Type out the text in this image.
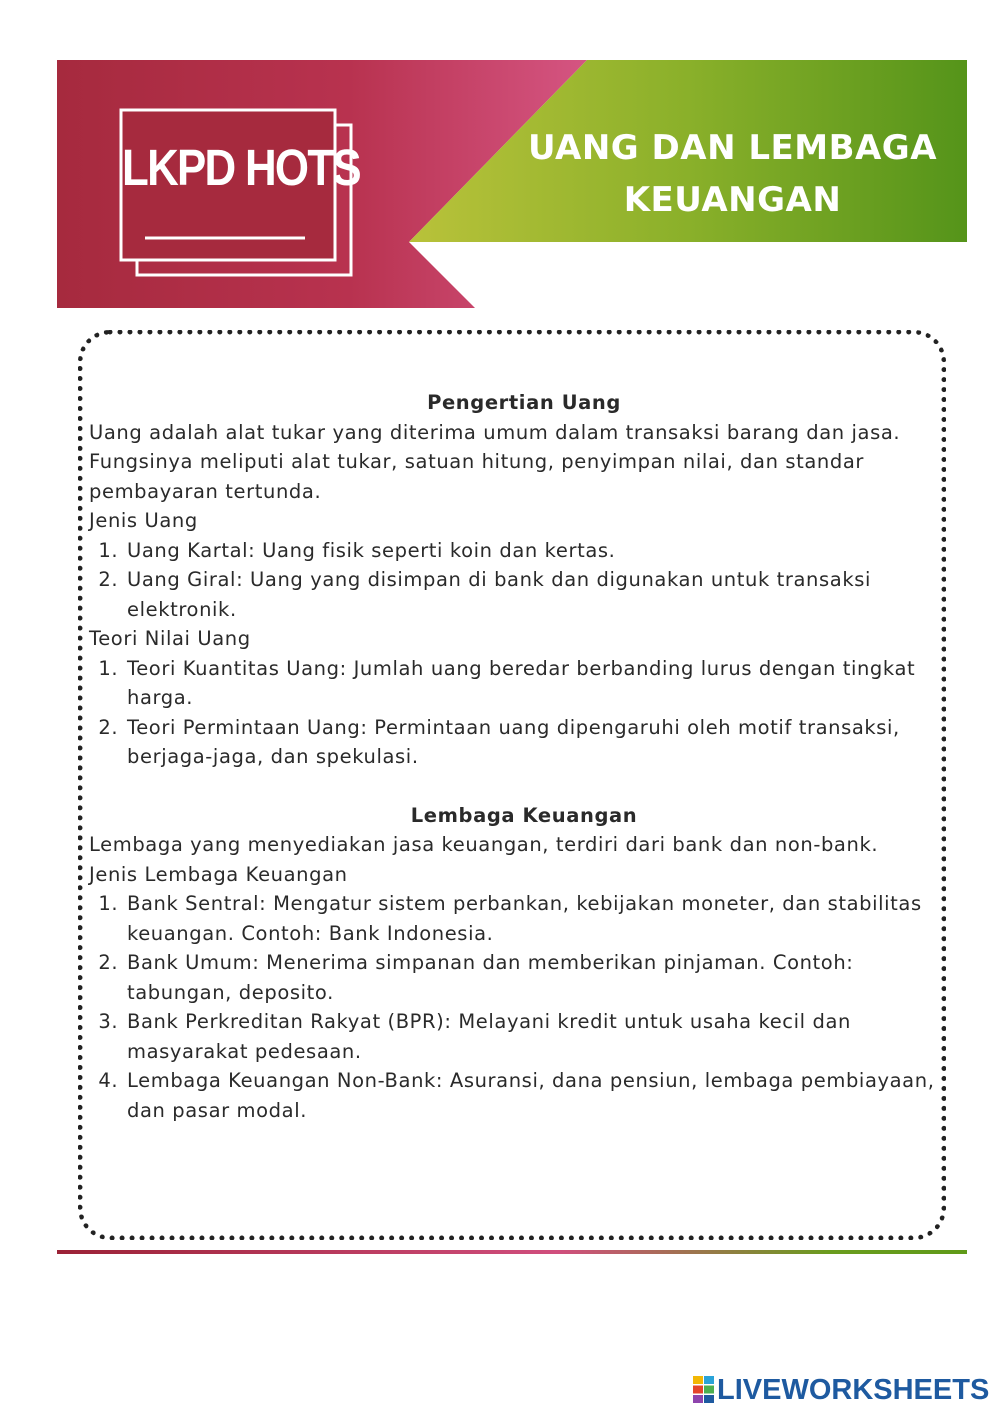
LKPD HOTS	UANG DAN LEMBAGA
KEUANGAN
Pengertian Uang

Uang adalah alat tukar yang diterima umum dalam transaksi barang dan jasa. Fungsinya meliputi alat tukar, satuan hitung, penyimpan nilai, dan standar pembayaran tertunda.

Jenis Uang

1. Uang Kartal: Uang fisik seperti koin dan kertas.
2. Uang Giral: Uang yang disimpan di bank dan digunakan untuk transaksi elektronik.

Teori Nilai Uang

1. Teori Kuantitas Uang: Jumlah uang beredar berbanding lurus dengan tingkat harga.
2. Teori Permintaan Uang: Permintaan uang dipengaruhi oleh motif transaksi, berjaga-jaga, dan spekulasi.
Lembaga Keuangan

Lembaga yang menyediakan jasa keuangan, terdiri dari bank dan non-bank.

Jenis Lembaga Keuangan

1. Bank Sentral: Mengatur sistem perbankan, kebijakan moneter, dan stabilitas keuangan. Contoh: Bank Indonesia.
2. Bank Umum: Menerima simpanan dan memberikan pinjaman. Contoh: tabungan, deposito.
3. Bank Perkreditan Rakyat (BPR): Melayani kredit untuk usaha kecil dan masyarakat pedesaan.
4. Lembaga Keuangan Non-Bank: Asuransi, dana pensiun, lembaga pembiayaan, dan pasar modal.
LIVEWORKSHEETS
